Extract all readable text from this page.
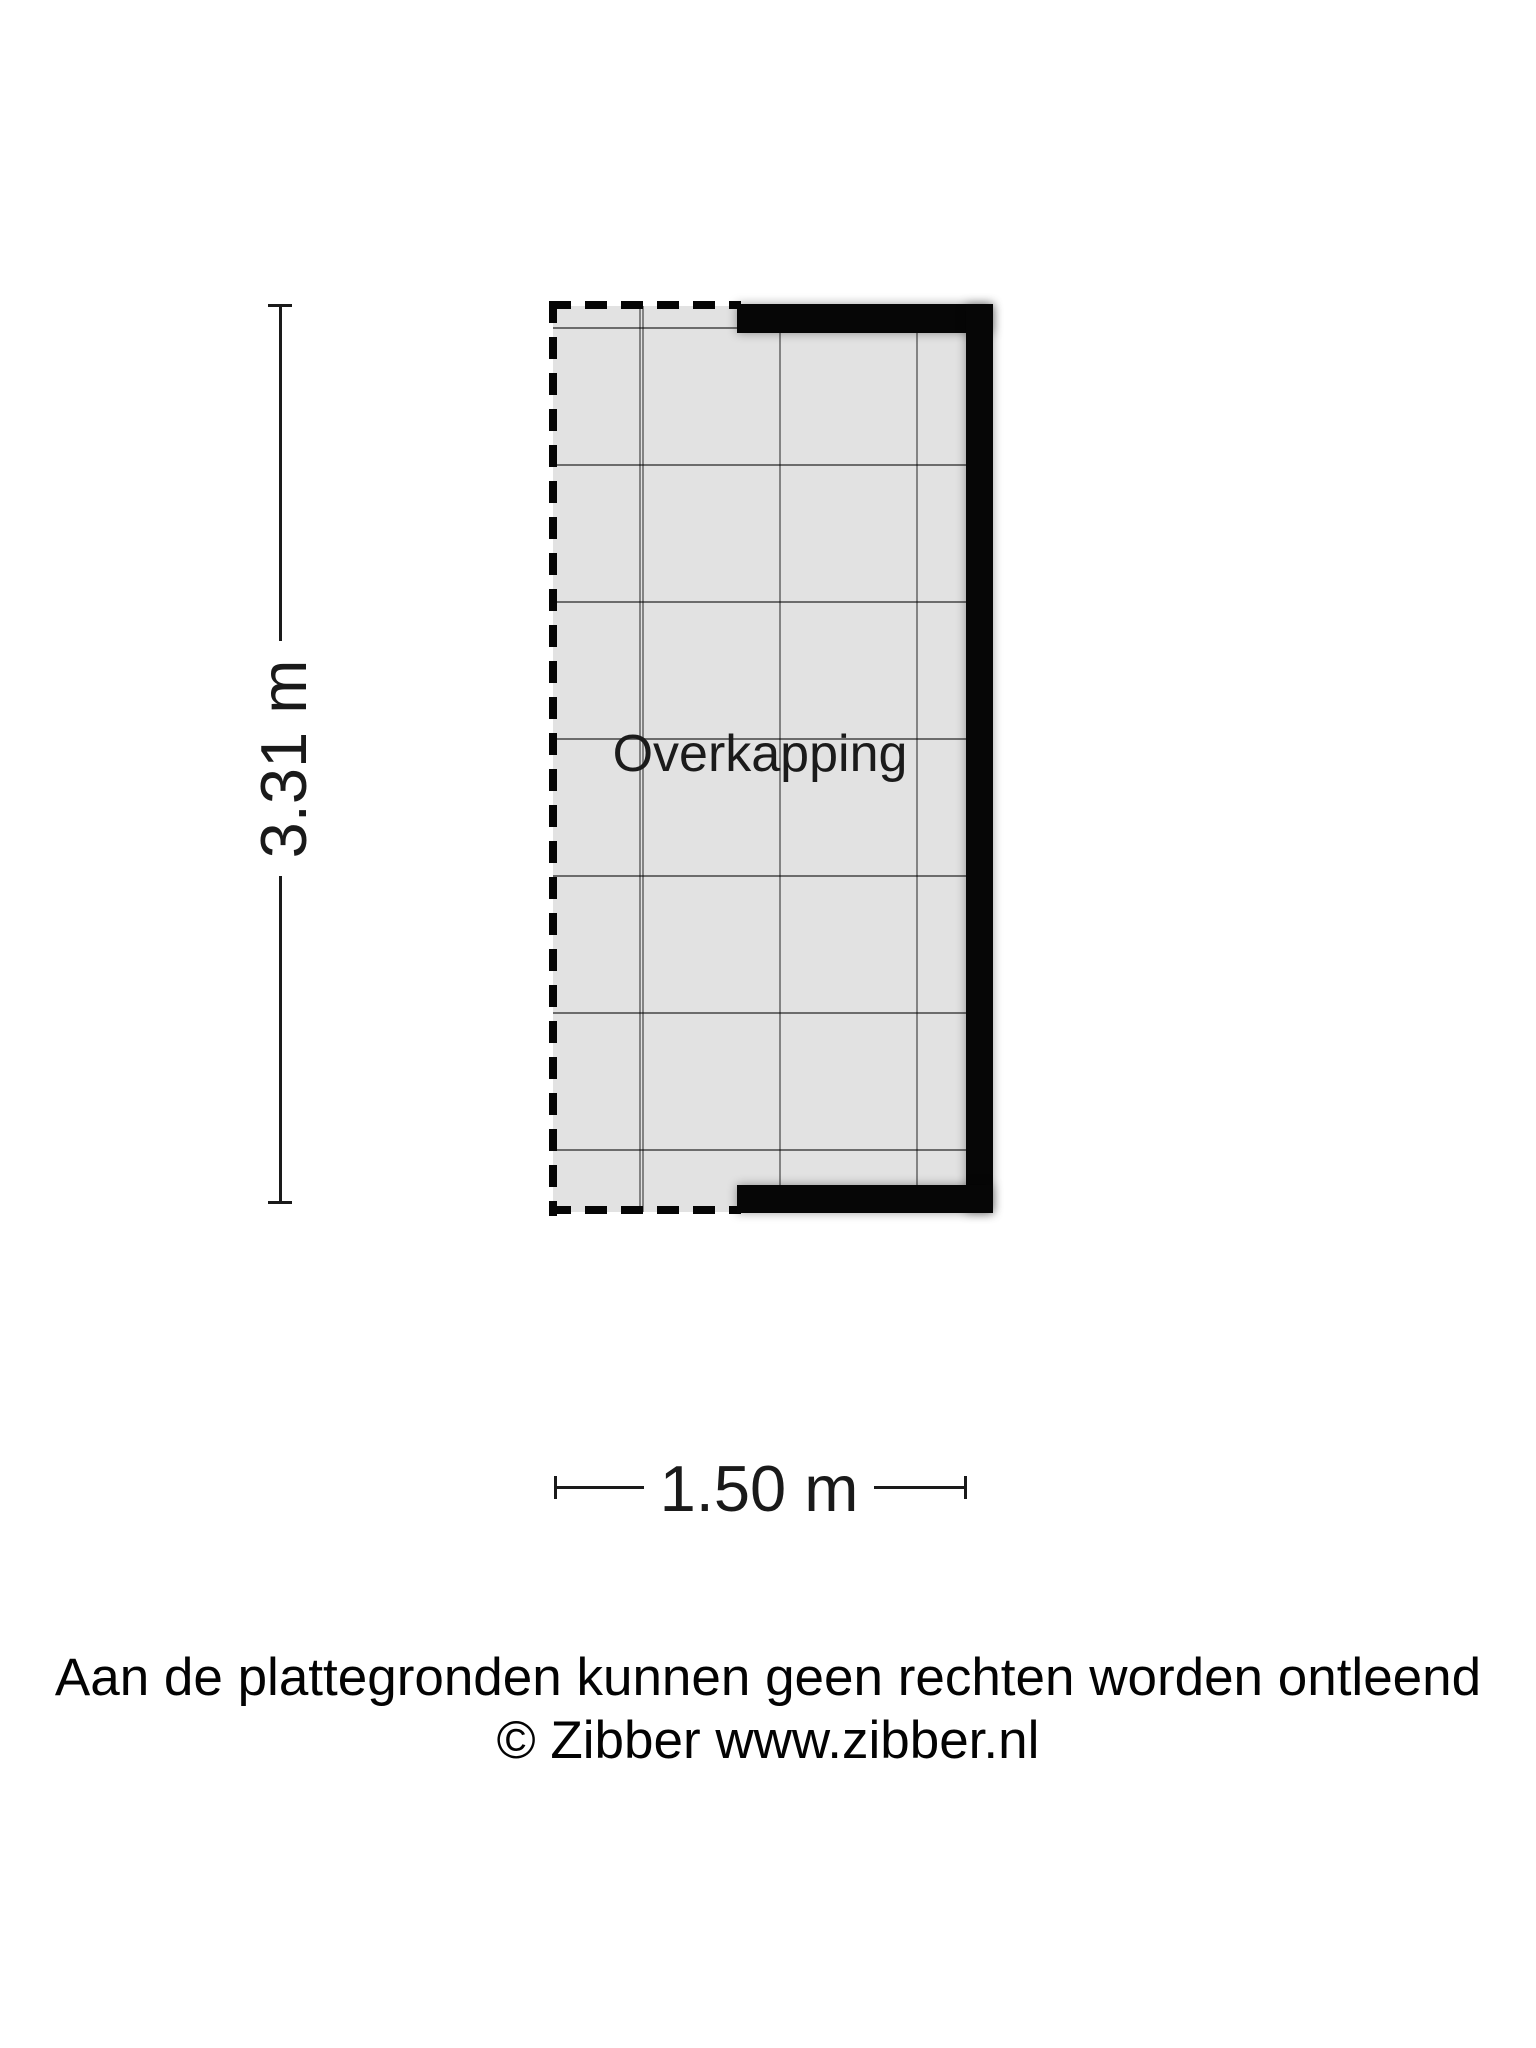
Overkapping
3.31 m
1.50 m
Aan de plattegronden kunnen geen rechten worden ontleend
© Zibber www.zibber.nl
